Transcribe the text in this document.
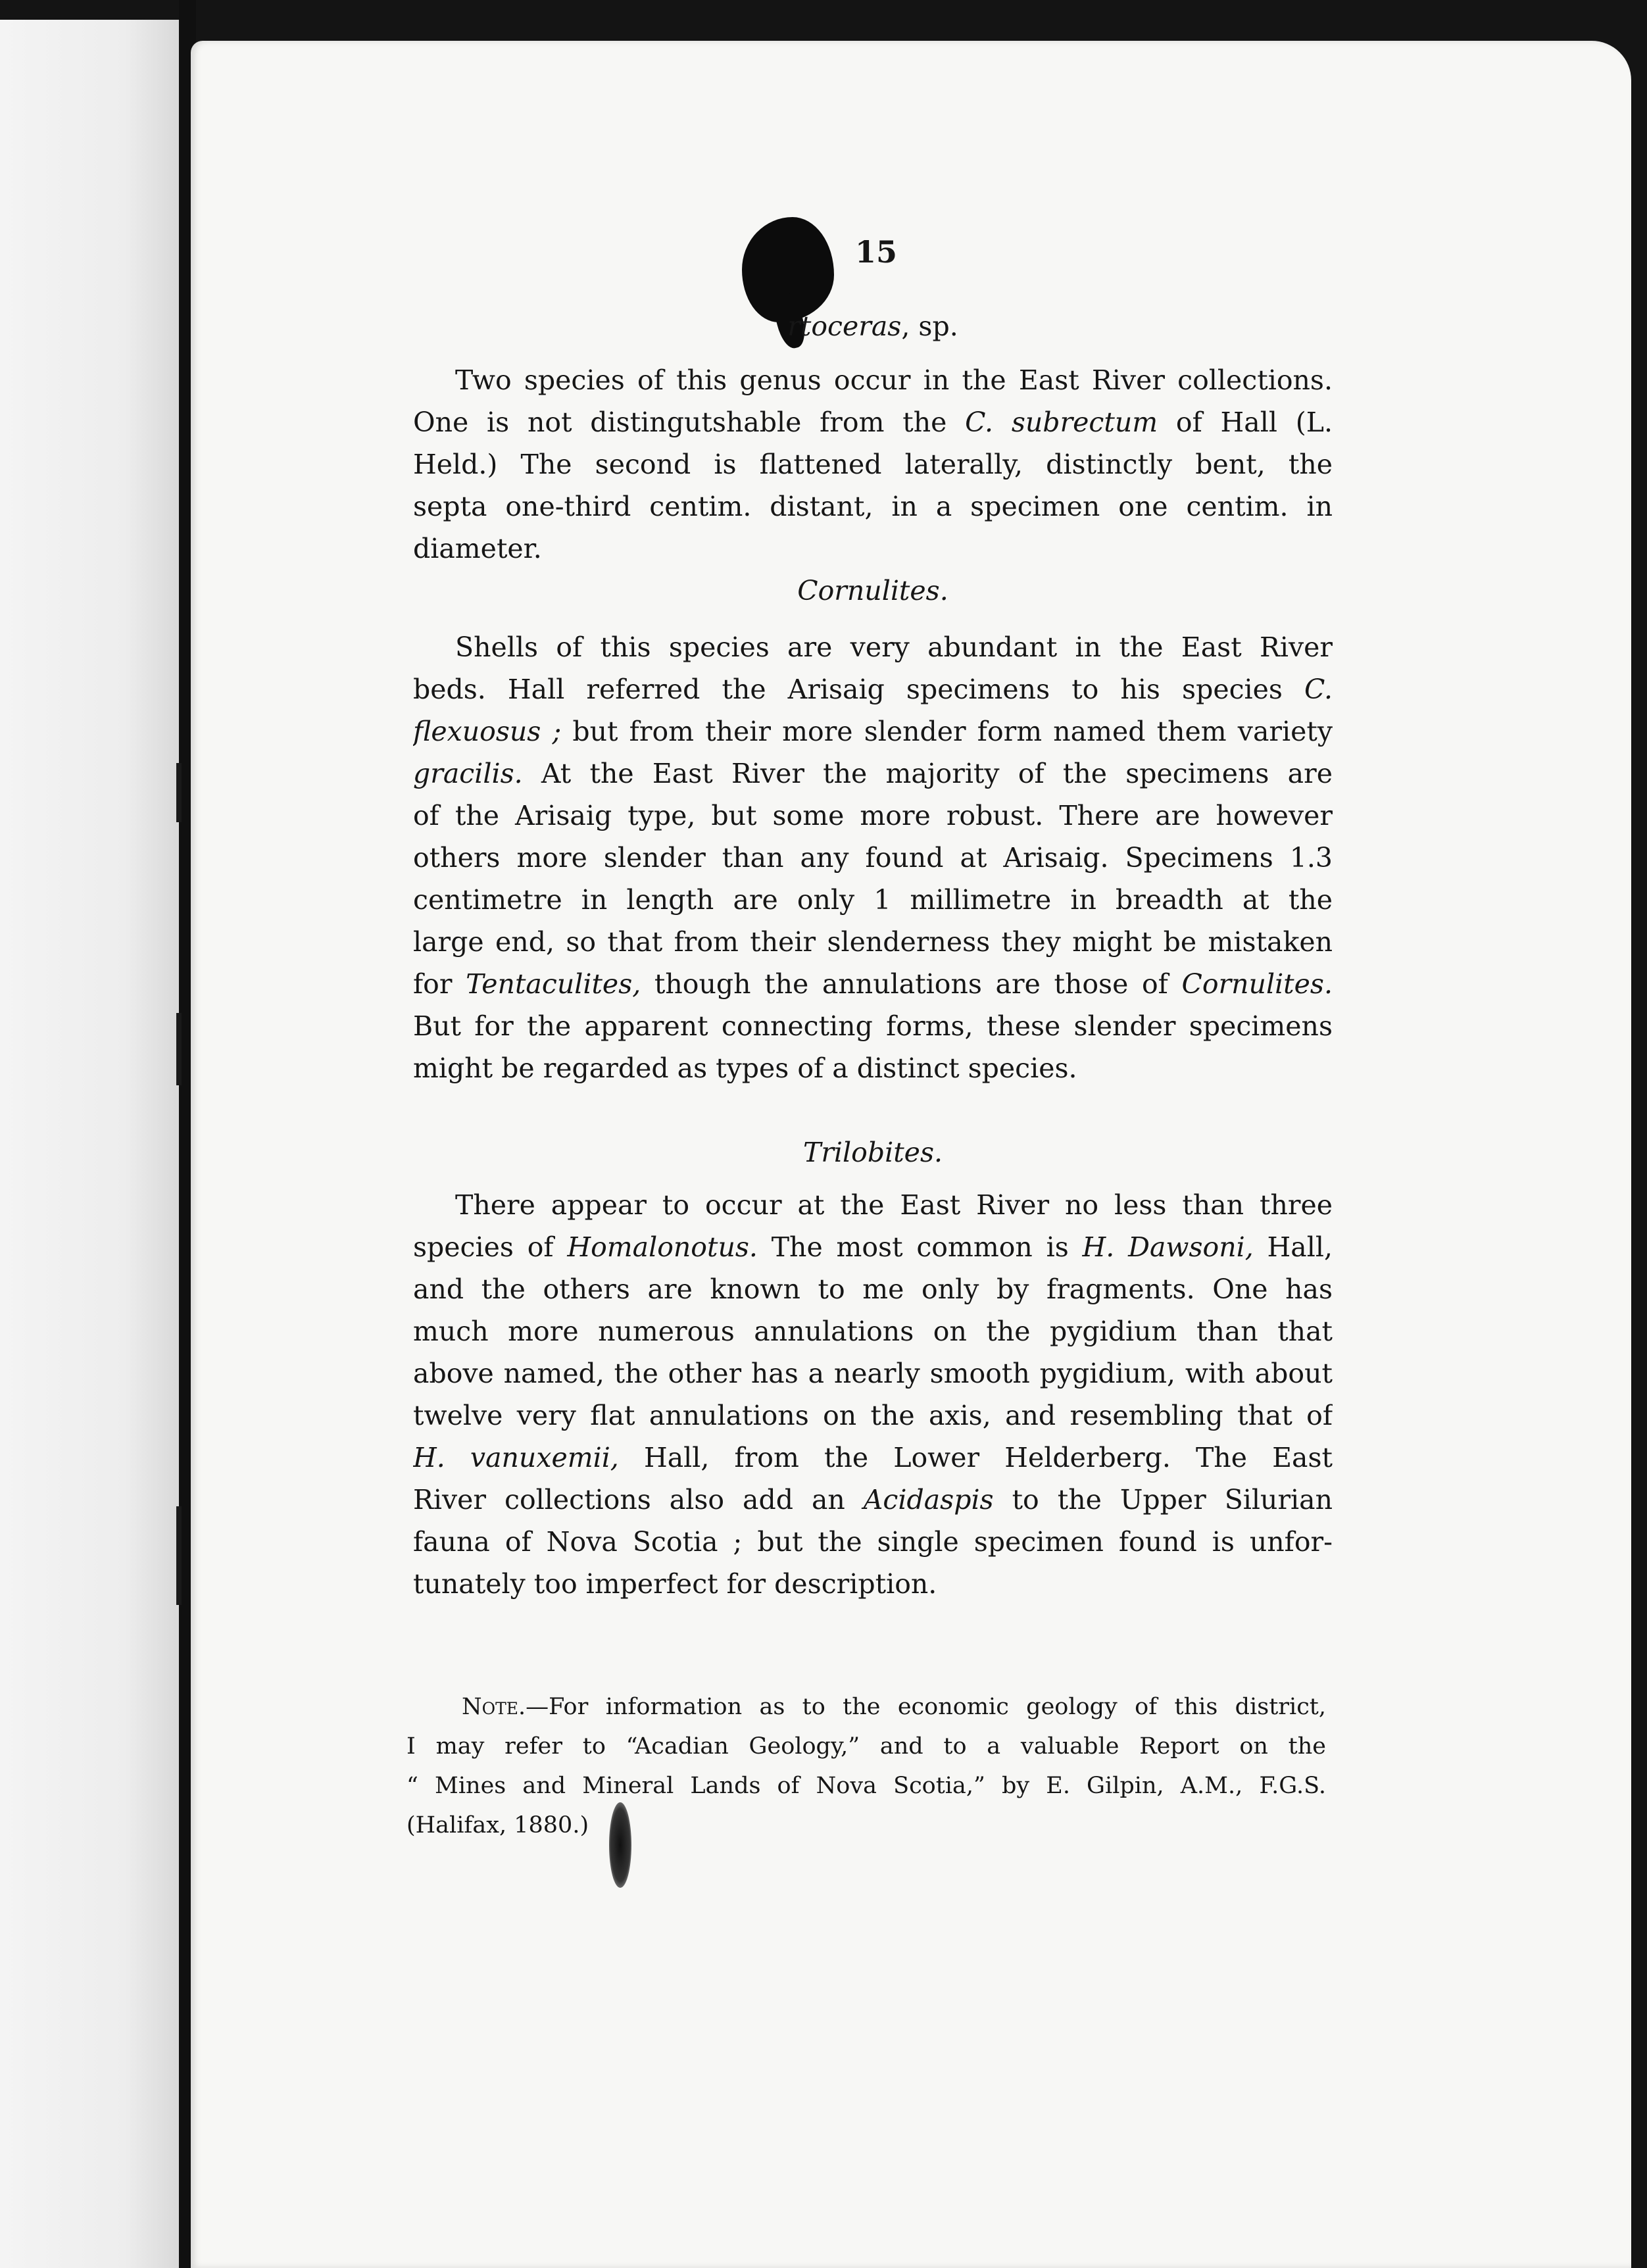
15
rtoceras, sp.
Two species of this genus occur in the East River collections.
One is not distingutshable from the C. subrectum of Hall (L.
Held.) The second is flattened laterally, distinctly bent, the
septa one-third centim. distant, in a specimen one centim. in
diameter.
Cornulites.
Shells of this species are very abundant in the East River
beds. Hall referred the Arisaig specimens to his species C.
flexuosus ; but from their more slender form named them variety
gracilis. At the East River the majority of the specimens are
of the Arisaig type, but some more robust. There are however
others more slender than any found at Arisaig. Specimens 1.3
centimetre in length are only 1 millimetre in breadth at the
large end, so that from their slenderness they might be mistaken
for Tentaculites, though the annulations are those of Cornulites.
But for the apparent connecting forms, these slender specimens
might be regarded as types of a distinct species.
Trilobites.
There appear to occur at the East River no less than three
species of Homalonotus. The most common is H. Dawsoni, Hall,
and the others are known to me only by fragments. One has
much more numerous annulations on the pygidium than that
above named, the other has a nearly smooth pygidium, with about
twelve very flat annulations on the axis, and resembling that of
H. vanuxemii, Hall, from the Lower Helderberg. The East
River collections also add an Acidaspis to the Upper Silurian
fauna of Nova Scotia ; but the single specimen found is unfor-
tunately too imperfect for description.
Note.—For information as to the economic geology of this district,
I may refer to “Acadian Geology,” and to a valuable Report on the
“ Mines and Mineral Lands of Nova Scotia,” by E. Gilpin, A.M., F.G.S.
(Halifax, 1880.)
